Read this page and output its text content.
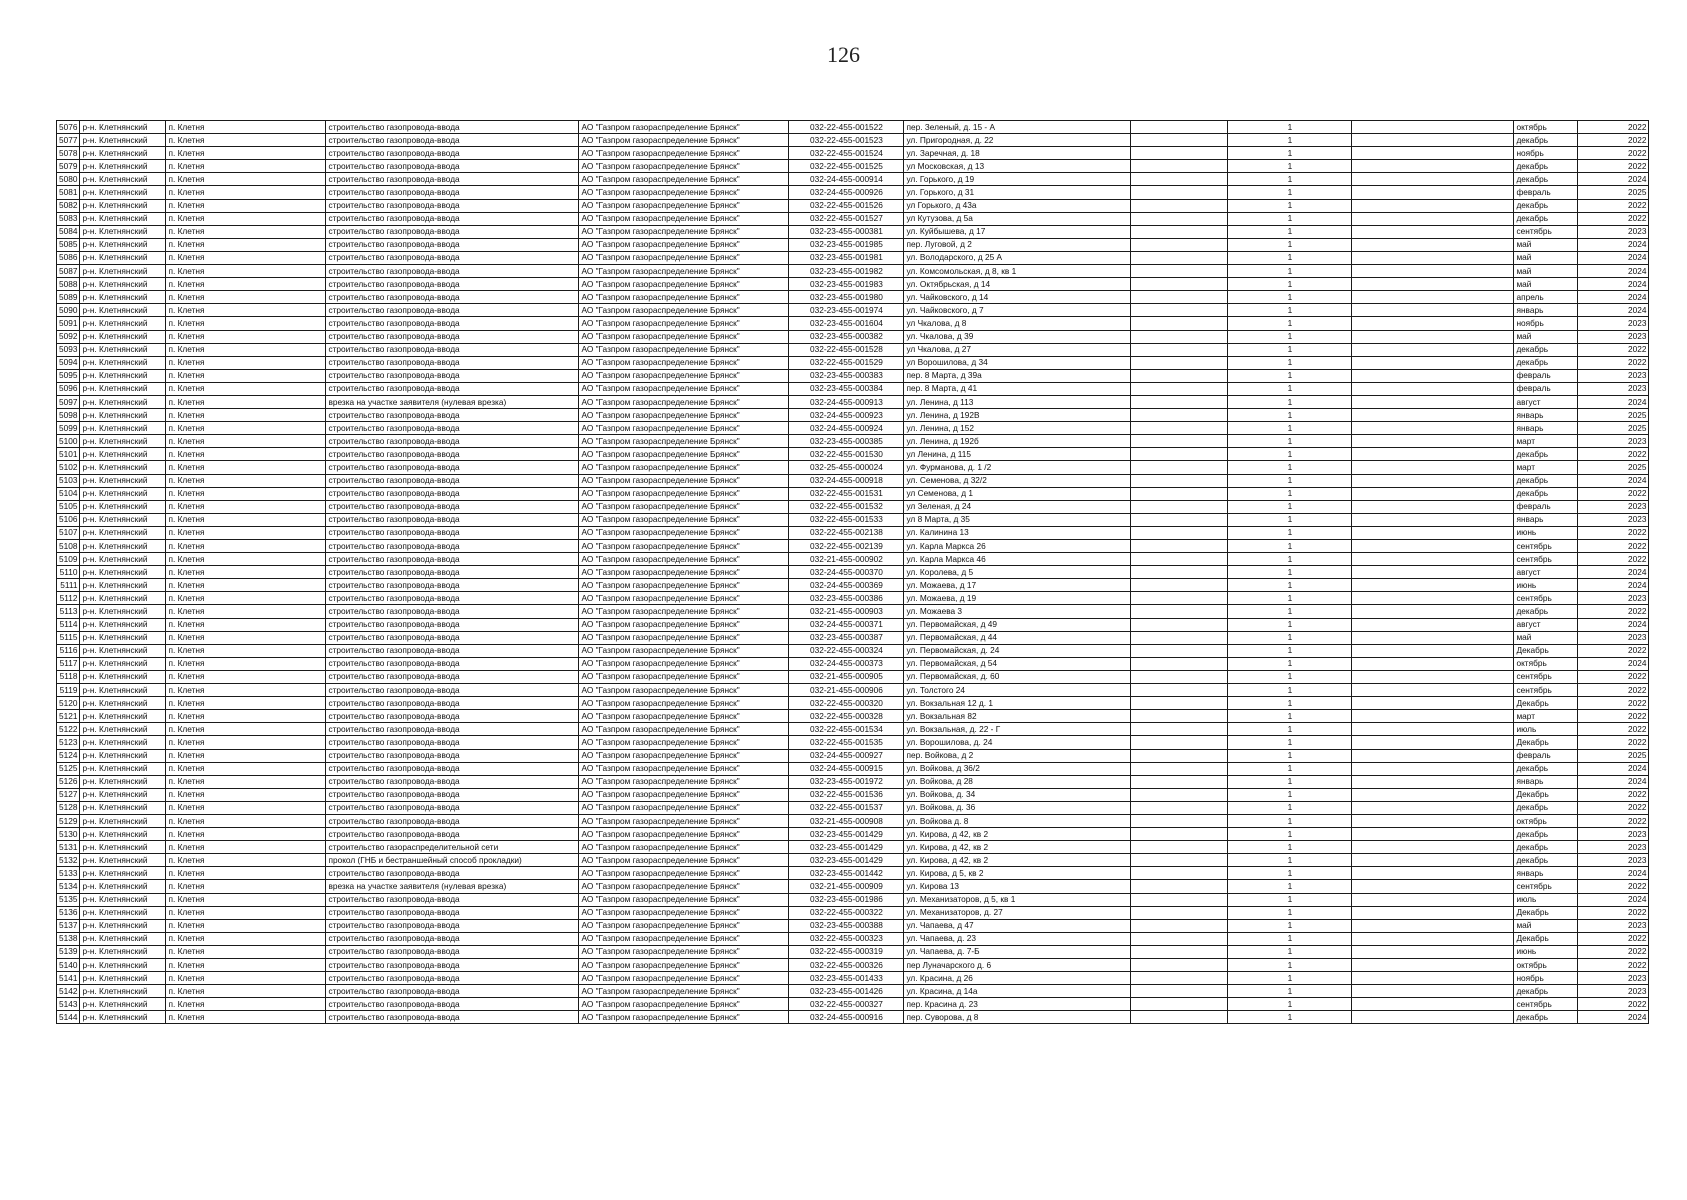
126
5076	р-н. Клетнянский	п. Клетня	строительство газопровода-ввода	АО "Газпром газораспределение Брянск"	032-22-455-001522	пер. Зеленый, д. 15 - А		1		октябрь	2022
5077	р-н. Клетнянский	п. Клетня	строительство газопровода-ввода	АО "Газпром газораспределение Брянск"	032-22-455-001523	ул. Пригородная, д. 22		1		декабрь	2022
5078	р-н. Клетнянский	п. Клетня	строительство газопровода-ввода	АО "Газпром газораспределение Брянск"	032-22-455-001524	ул. Заречная, д. 18		1		ноябрь	2022
5079	р-н. Клетнянский	п. Клетня	строительство газопровода-ввода	АО "Газпром газораспределение Брянск"	032-22-455-001525	ул Московская, д 13		1		декабрь	2022
5080	р-н. Клетнянский	п. Клетня	строительство газопровода-ввода	АО "Газпром газораспределение Брянск"	032-24-455-000914	ул. Горького, д 19		1		декабрь	2024
5081	р-н. Клетнянский	п. Клетня	строительство газопровода-ввода	АО "Газпром газораспределение Брянск"	032-24-455-000926	ул. Горького, д 31		1		февраль	2025
5082	р-н. Клетнянский	п. Клетня	строительство газопровода-ввода	АО "Газпром газораспределение Брянск"	032-22-455-001526	ул Горького, д 43а		1		декабрь	2022
5083	р-н. Клетнянский	п. Клетня	строительство газопровода-ввода	АО "Газпром газораспределение Брянск"	032-22-455-001527	ул Кутузова, д 5а		1		декабрь	2022
5084	р-н. Клетнянский	п. Клетня	строительство газопровода-ввода	АО "Газпром газораспределение Брянск"	032-23-455-000381	ул. Куйбышева, д 17		1		сентябрь	2023
5085	р-н. Клетнянский	п. Клетня	строительство газопровода-ввода	АО "Газпром газораспределение Брянск"	032-23-455-001985	пер. Луговой, д 2		1		май	2024
5086	р-н. Клетнянский	п. Клетня	строительство газопровода-ввода	АО "Газпром газораспределение Брянск"	032-23-455-001981	ул. Володарского, д 25 А		1		май	2024
5087	р-н. Клетнянский	п. Клетня	строительство газопровода-ввода	АО "Газпром газораспределение Брянск"	032-23-455-001982	ул. Комсомольская, д 8, кв 1		1		май	2024
5088	р-н. Клетнянский	п. Клетня	строительство газопровода-ввода	АО "Газпром газораспределение Брянск"	032-23-455-001983	ул. Октябрьская, д 14		1		май	2024
5089	р-н. Клетнянский	п. Клетня	строительство газопровода-ввода	АО "Газпром газораспределение Брянск"	032-23-455-001980	ул. Чайковского, д 14		1		апрель	2024
5090	р-н. Клетнянский	п. Клетня	строительство газопровода-ввода	АО "Газпром газораспределение Брянск"	032-23-455-001974	ул. Чайковского, д 7		1		январь	2024
5091	р-н. Клетнянский	п. Клетня	строительство газопровода-ввода	АО "Газпром газораспределение Брянск"	032-23-455-001604	ул Чкалова, д 8		1		ноябрь	2023
5092	р-н. Клетнянский	п. Клетня	строительство газопровода-ввода	АО "Газпром газораспределение Брянск"	032-23-455-000382	ул. Чкалова, д 39		1		май	2023
5093	р-н. Клетнянский	п. Клетня	строительство газопровода-ввода	АО "Газпром газораспределение Брянск"	032-22-455-001528	ул Чкалова, д 27		1		декабрь	2022
5094	р-н. Клетнянский	п. Клетня	строительство газопровода-ввода	АО "Газпром газораспределение Брянск"	032-22-455-001529	ул Ворошилова, д 34		1		декабрь	2022
5095	р-н. Клетнянский	п. Клетня	строительство газопровода-ввода	АО "Газпром газораспределение Брянск"	032-23-455-000383	пер. 8 Марта, д 39а		1		февраль	2023
5096	р-н. Клетнянский	п. Клетня	строительство газопровода-ввода	АО "Газпром газораспределение Брянск"	032-23-455-000384	пер. 8 Марта, д 41		1		февраль	2023
5097	р-н. Клетнянский	п. Клетня	врезка на участке заявителя (нулевая врезка)	АО "Газпром газораспределение Брянск"	032-24-455-000913	ул. Ленина, д 113		1		август	2024
5098	р-н. Клетнянский	п. Клетня	строительство газопровода-ввода	АО "Газпром газораспределение Брянск"	032-24-455-000923	ул. Ленина, д 192В		1		январь	2025
5099	р-н. Клетнянский	п. Клетня	строительство газопровода-ввода	АО "Газпром газораспределение Брянск"	032-24-455-000924	ул. Ленина, д 152		1		январь	2025
5100	р-н. Клетнянский	п. Клетня	строительство газопровода-ввода	АО "Газпром газораспределение Брянск"	032-23-455-000385	ул. Ленина, д 192б		1		март	2023
5101	р-н. Клетнянский	п. Клетня	строительство газопровода-ввода	АО "Газпром газораспределение Брянск"	032-22-455-001530	ул Ленина, д 115		1		декабрь	2022
5102	р-н. Клетнянский	п. Клетня	строительство газопровода-ввода	АО "Газпром газораспределение Брянск"	032-25-455-000024	ул. Фурманова, д. 1 /2		1		март	2025
5103	р-н. Клетнянский	п. Клетня	строительство газопровода-ввода	АО "Газпром газораспределение Брянск"	032-24-455-000918	ул. Семенова, д 32/2		1		декабрь	2024
5104	р-н. Клетнянский	п. Клетня	строительство газопровода-ввода	АО "Газпром газораспределение Брянск"	032-22-455-001531	ул Семенова, д 1		1		декабрь	2022
5105	р-н. Клетнянский	п. Клетня	строительство газопровода-ввода	АО "Газпром газораспределение Брянск"	032-22-455-001532	ул Зеленая, д 24		1		февраль	2023
5106	р-н. Клетнянский	п. Клетня	строительство газопровода-ввода	АО "Газпром газораспределение Брянск"	032-22-455-001533	ул 8 Марта, д 35		1		январь	2023
5107	р-н. Клетнянский	п. Клетня	строительство газопровода-ввода	АО "Газпром газораспределение Брянск"	032-22-455-002138	ул. Калинина 13		1		июнь	2022
5108	р-н. Клетнянский	п. Клетня	строительство газопровода-ввода	АО "Газпром газораспределение Брянск"	032-22-455-002139	ул. Карла Маркса 26		1		сентябрь	2022
5109	р-н. Клетнянский	п. Клетня	строительство газопровода-ввода	АО "Газпром газораспределение Брянск"	032-21-455-000902	ул. Карла Маркса 46		1		сентябрь	2022
5110	р-н. Клетнянский	п. Клетня	строительство газопровода-ввода	АО "Газпром газораспределение Брянск"	032-24-455-000370	ул. Королева, д 5		1		август	2024
5111	р-н. Клетнянский	п. Клетня	строительство газопровода-ввода	АО "Газпром газораспределение Брянск"	032-24-455-000369	ул. Можаева, д 17		1		июнь	2024
5112	р-н. Клетнянский	п. Клетня	строительство газопровода-ввода	АО "Газпром газораспределение Брянск"	032-23-455-000386	ул. Можаева, д 19		1		сентябрь	2023
5113	р-н. Клетнянский	п. Клетня	строительство газопровода-ввода	АО "Газпром газораспределение Брянск"	032-21-455-000903	ул. Можаева 3		1		декабрь	2022
5114	р-н. Клетнянский	п. Клетня	строительство газопровода-ввода	АО "Газпром газораспределение Брянск"	032-24-455-000371	ул. Первомайская, д 49		1		август	2024
5115	р-н. Клетнянский	п. Клетня	строительство газопровода-ввода	АО "Газпром газораспределение Брянск"	032-23-455-000387	ул. Первомайская, д 44		1		май	2023
5116	р-н. Клетнянский	п. Клетня	строительство газопровода-ввода	АО "Газпром газораспределение Брянск"	032-22-455-000324	ул. Первомайская, д. 24		1		Декабрь	2022
5117	р-н. Клетнянский	п. Клетня	строительство газопровода-ввода	АО "Газпром газораспределение Брянск"	032-24-455-000373	ул. Первомайская, д 54		1		октябрь	2024
5118	р-н. Клетнянский	п. Клетня	строительство газопровода-ввода	АО "Газпром газораспределение Брянск"	032-21-455-000905	ул. Первомайская, д. 60		1		сентябрь	2022
5119	р-н. Клетнянский	п. Клетня	строительство газопровода-ввода	АО "Газпром газораспределение Брянск"	032-21-455-000906	ул. Толстого 24		1		сентябрь	2022
5120	р-н. Клетнянский	п. Клетня	строительство газопровода-ввода	АО "Газпром газораспределение Брянск"	032-22-455-000320	ул. Вокзальная 12 д. 1		1		Декабрь	2022
5121	р-н. Клетнянский	п. Клетня	строительство газопровода-ввода	АО "Газпром газораспределение Брянск"	032-22-455-000328	ул. Вокзальная 82		1		март	2022
5122	р-н. Клетнянский	п. Клетня	строительство газопровода-ввода	АО "Газпром газораспределение Брянск"	032-22-455-001534	ул. Вокзальная, д. 22 - Г		1		июль	2022
5123	р-н. Клетнянский	п. Клетня	строительство газопровода-ввода	АО "Газпром газораспределение Брянск"	032-22-455-001535	ул. Ворошилова, д. 24		1		Декабрь	2022
5124	р-н. Клетнянский	п. Клетня	строительство газопровода-ввода	АО "Газпром газораспределение Брянск"	032-24-455-000927	пер. Войкова, д 2		1		февраль	2025
5125	р-н. Клетнянский	п. Клетня	строительство газопровода-ввода	АО "Газпром газораспределение Брянск"	032-24-455-000915	ул. Войкова, д 36/2		1		декабрь	2024
5126	р-н. Клетнянский	п. Клетня	строительство газопровода-ввода	АО "Газпром газораспределение Брянск"	032-23-455-001972	ул. Войкова, д 28		1		январь	2024
5127	р-н. Клетнянский	п. Клетня	строительство газопровода-ввода	АО "Газпром газораспределение Брянск"	032-22-455-001536	ул. Войкова, д. 34		1		Декабрь	2022
5128	р-н. Клетнянский	п. Клетня	строительство газопровода-ввода	АО "Газпром газораспределение Брянск"	032-22-455-001537	ул. Войкова, д. 36		1		декабрь	2022
5129	р-н. Клетнянский	п. Клетня	строительство газопровода-ввода	АО "Газпром газораспределение Брянск"	032-21-455-000908	ул. Войкова д. 8		1		октябрь	2022
5130	р-н. Клетнянский	п. Клетня	строительство газопровода-ввода	АО "Газпром газораспределение Брянск"	032-23-455-001429	ул. Кирова, д 42, кв 2		1		декабрь	2023
5131	р-н. Клетнянский	п. Клетня	строительство газораспределительной сети	АО "Газпром газораспределение Брянск"	032-23-455-001429	ул. Кирова, д 42, кв 2		1		декабрь	2023
5132	р-н. Клетнянский	п. Клетня	прокол (ГНБ и бестраншейный способ прокладки)	АО "Газпром газораспределение Брянск"	032-23-455-001429	ул. Кирова, д 42, кв 2		1		декабрь	2023
5133	р-н. Клетнянский	п. Клетня	строительство газопровода-ввода	АО "Газпром газораспределение Брянск"	032-23-455-001442	ул. Кирова, д 5, кв 2		1		январь	2024
5134	р-н. Клетнянский	п. Клетня	врезка на участке заявителя (нулевая врезка)	АО "Газпром газораспределение Брянск"	032-21-455-000909	ул. Кирова 13		1		сентябрь	2022
5135	р-н. Клетнянский	п. Клетня	строительство газопровода-ввода	АО "Газпром газораспределение Брянск"	032-23-455-001986	ул. Механизаторов, д 5, кв 1		1		июль	2024
5136	р-н. Клетнянский	п. Клетня	строительство газопровода-ввода	АО "Газпром газораспределение Брянск"	032-22-455-000322	ул. Механизаторов, д. 27		1		Декабрь	2022
5137	р-н. Клетнянский	п. Клетня	строительство газопровода-ввода	АО "Газпром газораспределение Брянск"	032-23-455-000388	ул. Чапаева, д 47		1		май	2023
5138	р-н. Клетнянский	п. Клетня	строительство газопровода-ввода	АО "Газпром газораспределение Брянск"	032-22-455-000323	ул. Чапаева, д. 23		1		Декабрь	2022
5139	р-н. Клетнянский	п. Клетня	строительство газопровода-ввода	АО "Газпром газораспределение Брянск"	032-22-455-000319	ул. Чапаева, д. 7-Б		1		июнь	2022
5140	р-н. Клетнянский	п. Клетня	строительство газопровода-ввода	АО "Газпром газораспределение Брянск"	032-22-455-000326	пер Луначарского д. 6		1		октябрь	2022
5141	р-н. Клетнянский	п. Клетня	строительство газопровода-ввода	АО "Газпром газораспределение Брянск"	032-23-455-001433	ул. Красина, д 26		1		ноябрь	2023
5142	р-н. Клетнянский	п. Клетня	строительство газопровода-ввода	АО "Газпром газораспределение Брянск"	032-23-455-001426	ул. Красина, д 14а		1		декабрь	2023
5143	р-н. Клетнянский	п. Клетня	строительство газопровода-ввода	АО "Газпром газораспределение Брянск"	032-22-455-000327	пер. Красина д. 23		1		сентябрь	2022
5144	р-н. Клетнянский	п. Клетня	строительство газопровода-ввода	АО "Газпром газораспределение Брянск"	032-24-455-000916	пер. Суворова, д 8		1		декабрь	2024
